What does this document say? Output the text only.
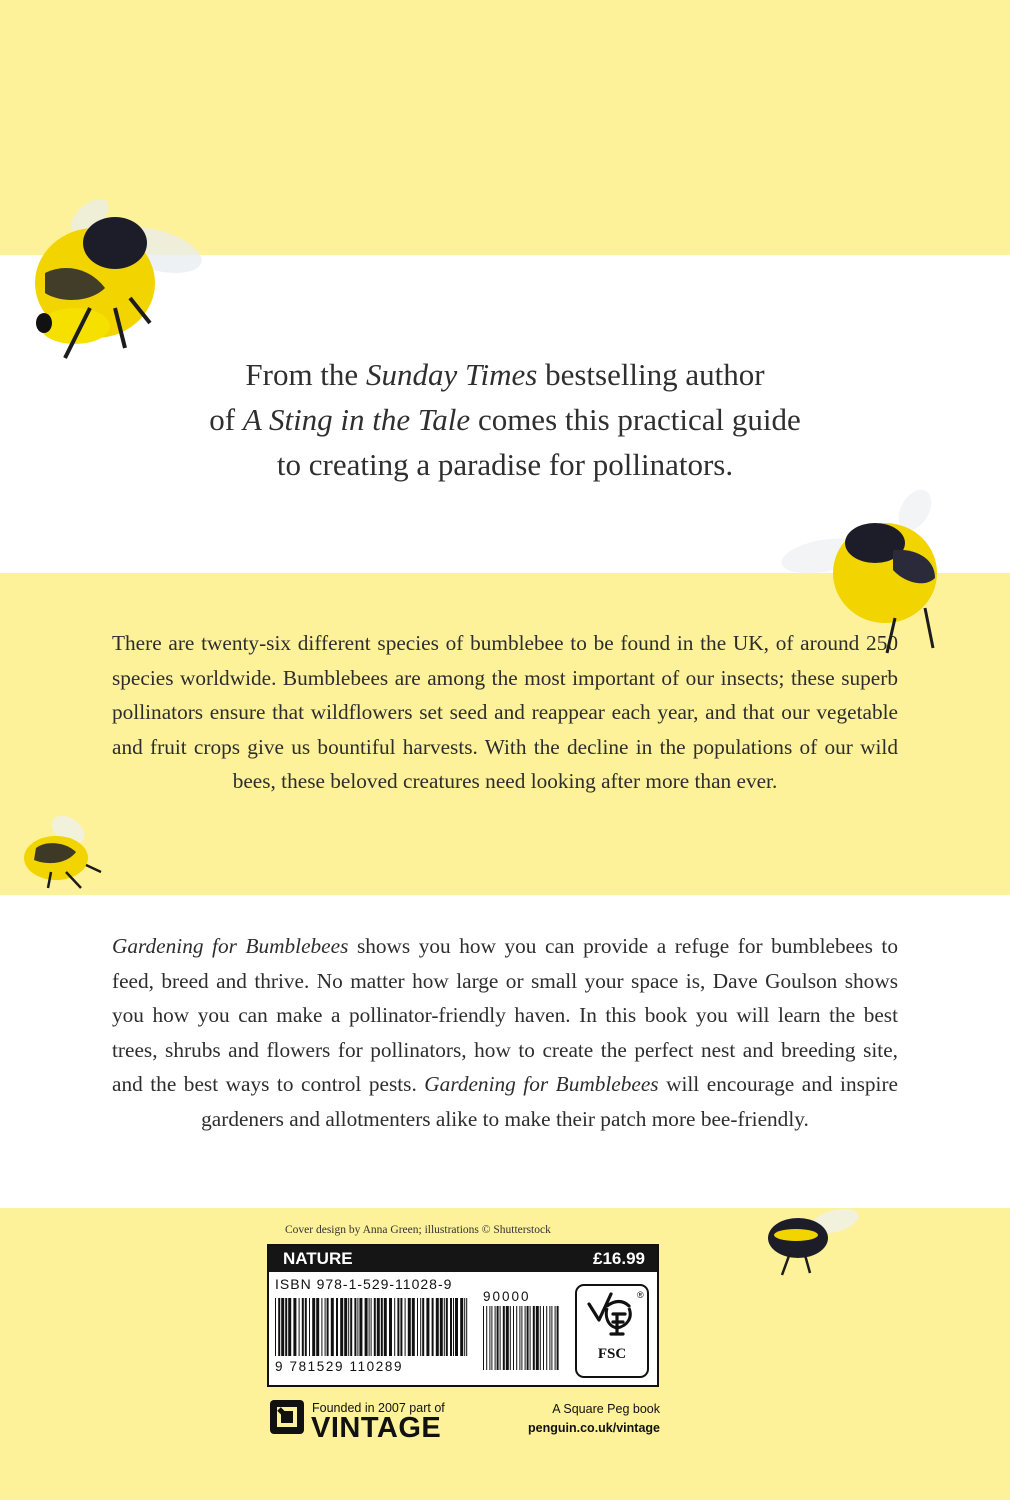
From the Sunday Times bestselling author
of A Sting in the Tale comes this practical guide
to creating a paradise for pollinators.
There are twenty-six different species of bumblebee to be found in the UK, of around 250 species worldwide. Bumblebees are among the most important of our insects; these superb pollinators ensure that wildflowers set seed and reappear each year, and that our vegetable and fruit crops give us bountiful harvests. With the decline in the populations of our wild bees, these beloved creatures need looking after more than ever.
Gardening for Bumblebees shows you how you can provide a refuge for bumblebees to feed, breed and thrive. No matter how large or small your space is, Dave Goulson shows you how you can make a pollinator-friendly haven. In this book you will learn the best trees, shrubs and flowers for pollinators, how to create the perfect nest and breeding site, and the best ways to control pests. Gardening for Bumblebees will encourage and inspire gardeners and allotmenters alike to make their patch more bee-friendly.
Cover design by Anna Green; illustrations © Shutterstock
NATURE	£16.99
ISBN 978-1-529-11028-9
9 781529 110289
90000	®
FSC
Founded in 2007 part of
VINTAGE
A Square Peg book
penguin.co.uk/vintage
